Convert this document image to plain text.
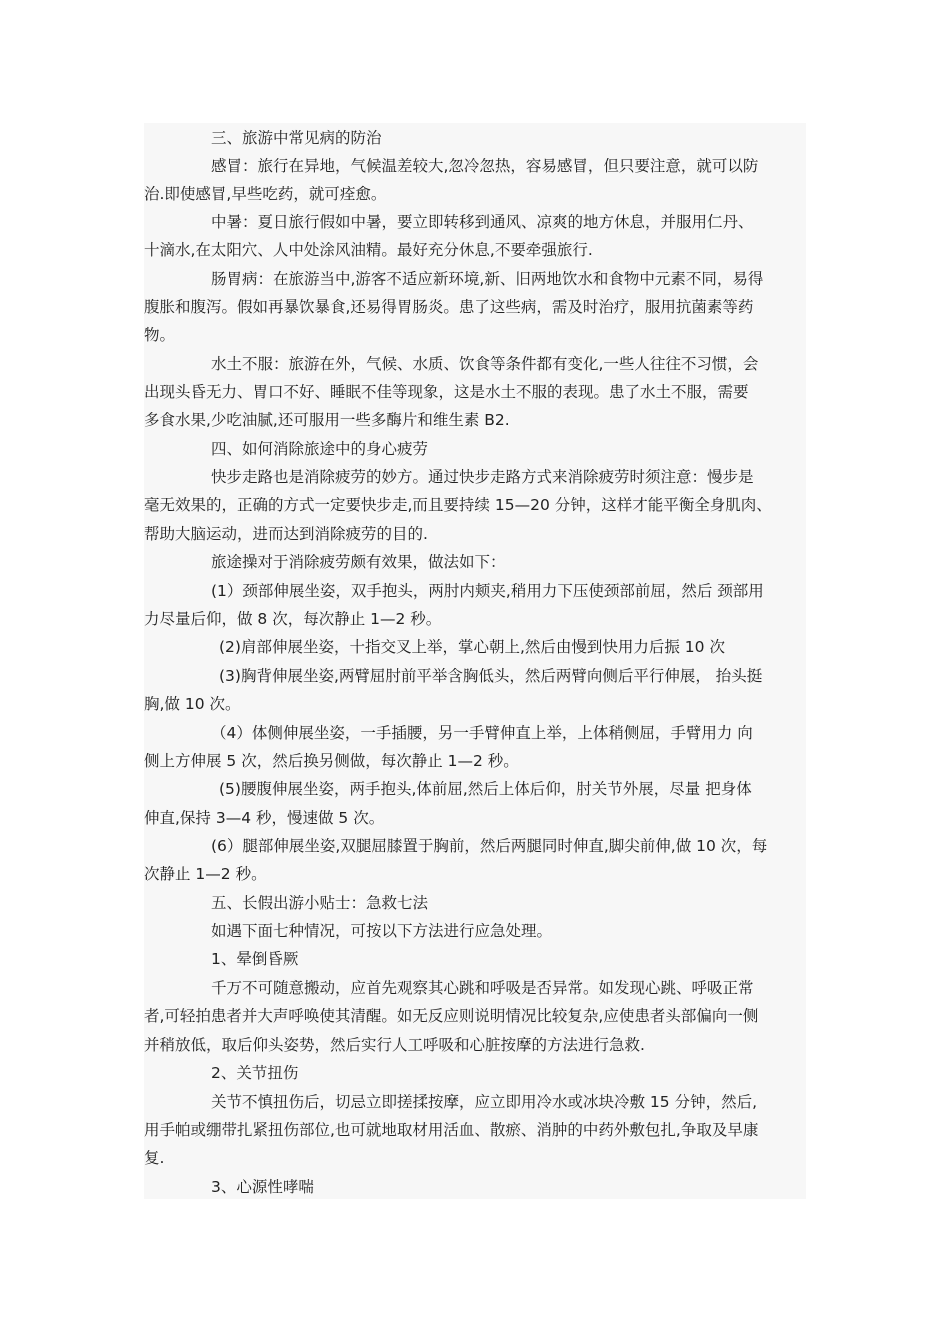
三、旅游中常见病的防治
感冒：旅行在异地，气候温差较大,忽冷忽热，容易感冒，但只要注意，就可以防
治.即使感冒,早些吃药，就可痊愈。
中暑：夏日旅行假如中暑，要立即转移到通风、凉爽的地方休息，并服用仁丹、
十滴水,在太阳穴、人中处涂风油精。最好充分休息,不要牵强旅行.
肠胃病：在旅游当中,游客不适应新环境,新、旧两地饮水和食物中元素不同，易得
腹胀和腹泻。假如再暴饮暴食,还易得胃肠炎。患了这些病，需及时治疗，服用抗菌素等药
物。
水土不服：旅游在外，气候、水质、饮食等条件都有变化,一些人往往不习惯，会
出现头昏无力、胃口不好、睡眠不佳等现象，这是水土不服的表现。患了水土不服，需要
多食水果,少吃油腻,还可服用一些多酶片和维生素 B2.
四、如何消除旅途中的身心疲劳
快步走路也是消除疲劳的妙方。通过快步走路方式来消除疲劳时须注意：慢步是
毫无效果的，正确的方式一定要快步走,而且要持续 15—20 分钟，这样才能平衡全身肌肉、
帮助大脑运动，进而达到消除疲劳的目的.
旅途操对于消除疲劳颇有效果，做法如下：
(1）颈部伸展坐姿，双手抱头，两肘内颊夹,稍用力下压使颈部前屈，然后 颈部用
力尽量后仰，做 8 次，每次静止 1—2 秒。
(2)肩部伸展坐姿，十指交叉上举，掌心朝上,然后由慢到快用力后振 10 次
(3)胸背伸展坐姿,两臂屈肘前平举含胸低头，然后两臂向侧后平行伸展， 抬头挺
胸,做 10 次。
（4）体侧伸展坐姿，一手插腰，另一手臂伸直上举，上体稍侧屈，手臂用力 向
侧上方伸展 5 次，然后换另侧做，每次静止 1—2 秒。
(5)腰腹伸展坐姿，两手抱头,体前屈,然后上体后仰，肘关节外展，尽量 把身体
伸直,保持 3—4 秒，慢速做 5 次。
(6）腿部伸展坐姿,双腿屈膝置于胸前，然后两腿同时伸直,脚尖前伸,做 10 次，每
次静止 1—2 秒。
五、长假出游小贴士：急救七法
如遇下面七种情况，可按以下方法进行应急处理。
1、晕倒昏厥
千万不可随意搬动，应首先观察其心跳和呼吸是否异常。如发现心跳、呼吸正常
者,可轻拍患者并大声呼唤使其清醒。如无反应则说明情况比较复杂,应使患者头部偏向一侧
并稍放低，取后仰头姿势，然后实行人工呼吸和心脏按摩的方法进行急救.
2、关节扭伤
关节不慎扭伤后，切忌立即搓揉按摩，应立即用冷水或冰块冷敷 15 分钟，然后,
用手帕或绷带扎紧扭伤部位,也可就地取材用活血、散瘀、消肿的中药外敷包扎,争取及早康
复.
3、心源性哮喘
